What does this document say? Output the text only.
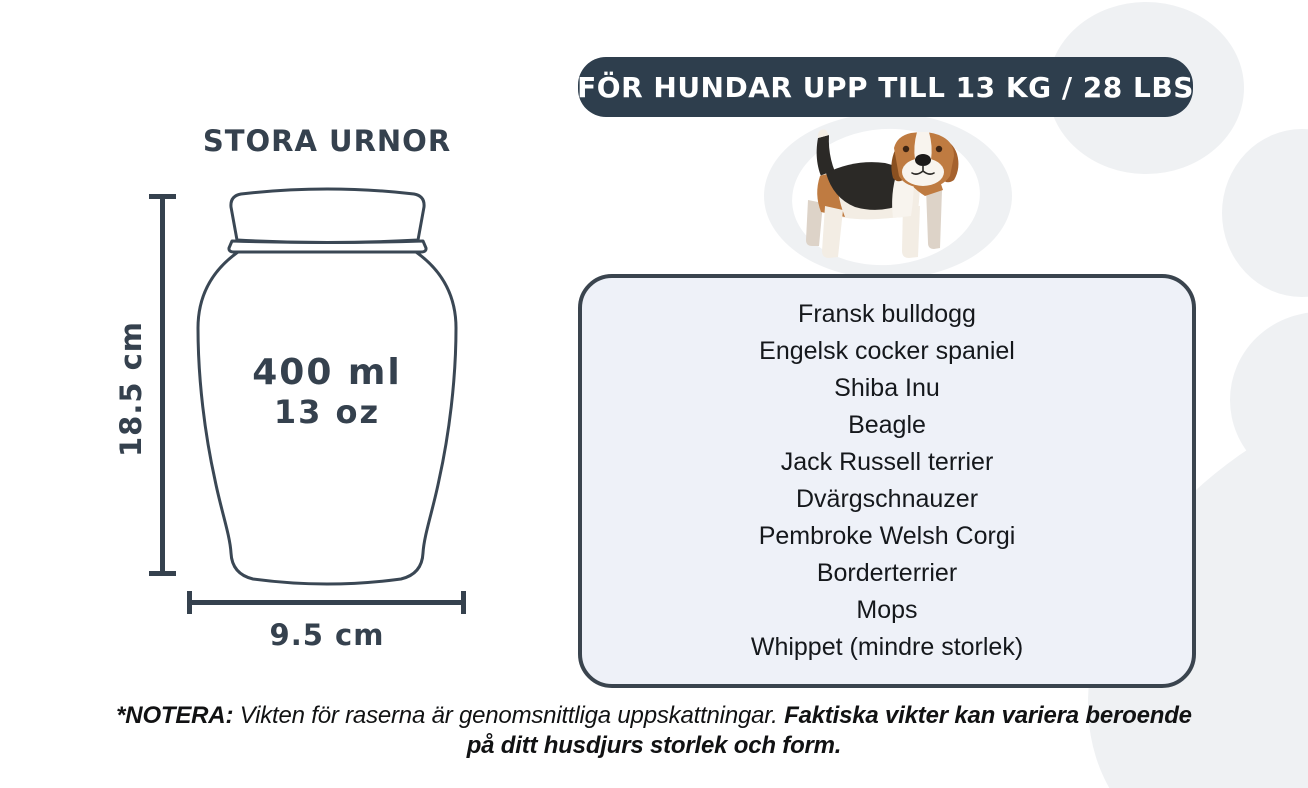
STORA URNOR
400 ml
13 oz
18.5 cm
9.5 cm
FÖR HUNDAR UPP TILL 13 KG / 28 LBS
Fransk bulldogg
Engelsk cocker spaniel
Shiba Inu
Beagle
Jack Russell terrier
Dvärgschnauzer
Pembroke Welsh Corgi
Borderterrier
Mops
Whippet (mindre storlek)
*NOTERA: Vikten för raserna är genomsnittliga uppskattningar. Faktiska vikter kan variera beroende på ditt husdjurs storlek och form.
